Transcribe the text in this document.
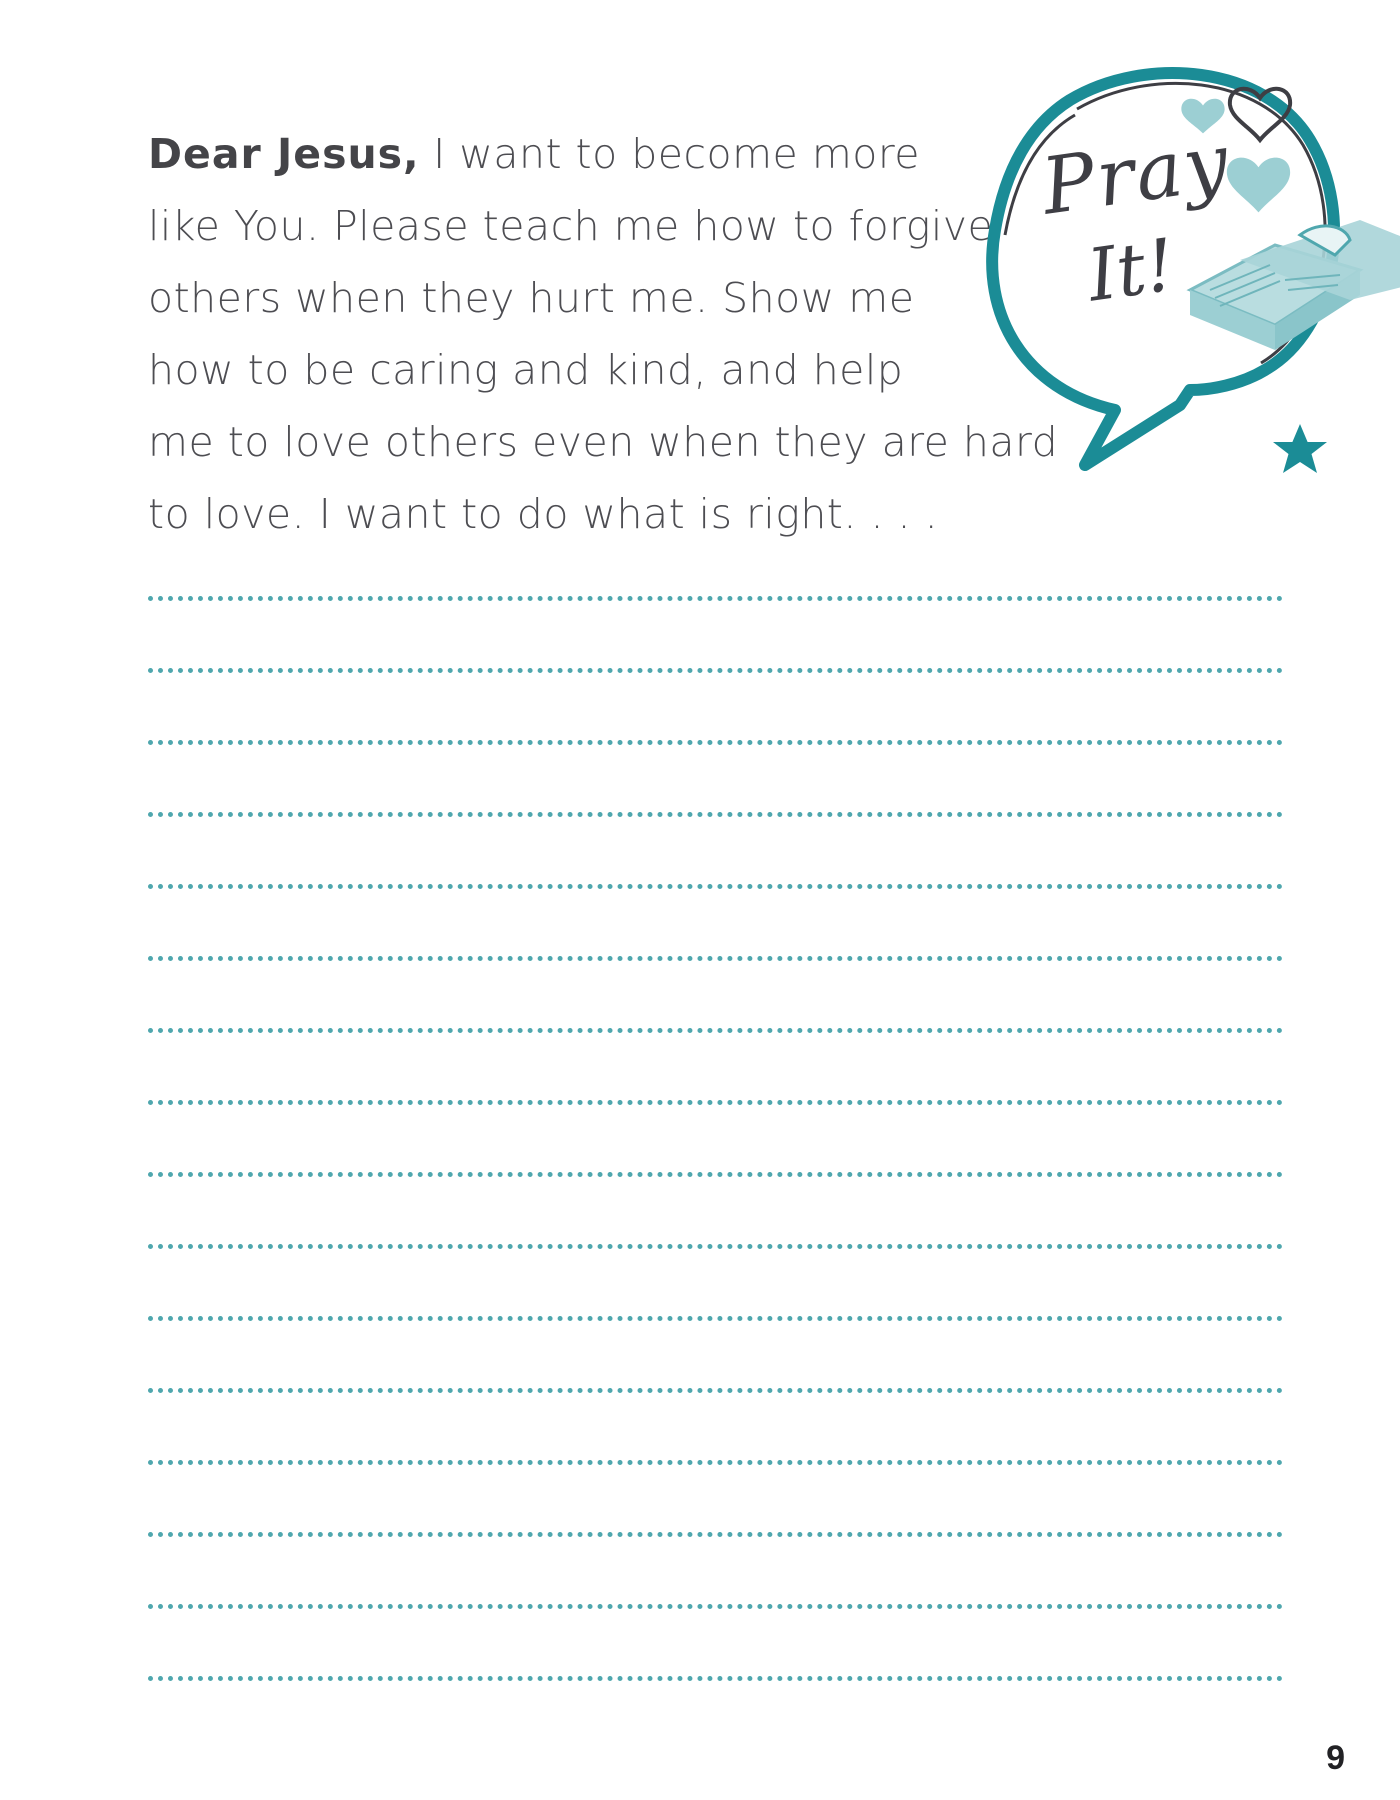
Dear Jesus, I want to become more
like You. Please teach me how to forgive
others when they hurt me. Show me
how to be caring and kind, and help
me to love others even when they are hard
to love. I want to do what is right. . . .
Pray
It!
9
